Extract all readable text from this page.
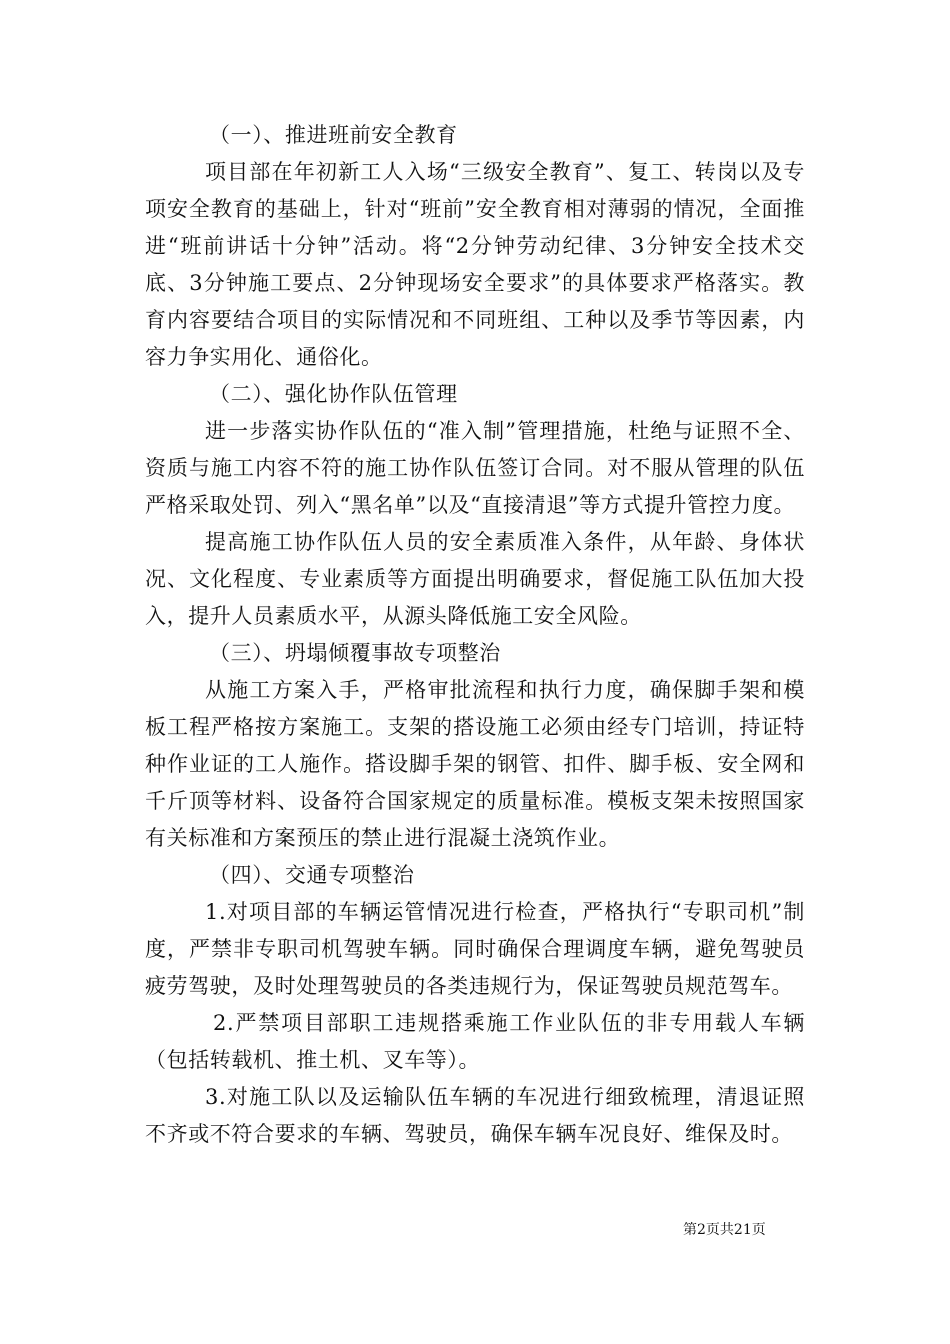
（一）、推进班前安全教育

项目部在年初新工人入场“三级安全教育”、复工、转岗以及专项安全教育的基础上，针对“班前”安全教育相对薄弱的情况，全面推进“班前讲话十分钟”活动。将“2分钟劳动纪律、3分钟安全技术交底、3分钟施工要点、2分钟现场安全要求”的具体要求严格落实。教育内容要结合项目的实际情况和不同班组、工种以及季节等因素，内容力争实用化、通俗化。

（二）、强化协作队伍管理

进一步落实协作队伍的“准入制”管理措施，杜绝与证照不全、资质与施工内容不符的施工协作队伍签订合同。对不服从管理的队伍严格采取处罚、列入“黑名单”以及“直接清退”等方式提升管控力度。

提高施工协作队伍人员的安全素质准入条件，从年龄、身体状况、文化程度、专业素质等方面提出明确要求，督促施工队伍加大投入，提升人员素质水平，从源头降低施工安全风险。

（三）、坍塌倾覆事故专项整治

从施工方案入手，严格审批流程和执行力度，确保脚手架和模板工程严格按方案施工。支架的搭设施工必须由经专门培训，持证特种作业证的工人施作。搭设脚手架的钢管、扣件、脚手板、安全网和千斤顶等材料、设备符合国家规定的质量标准。模板支架未按照国家有关标准和方案预压的禁止进行混凝土浇筑作业。

（四）、交通专项整治

1.对项目部的车辆运管情况进行检查，严格执行“专职司机”制度，严禁非专职司机驾驶车辆。同时确保合理调度车辆，避免驾驶员疲劳驾驶，及时处理驾驶员的各类违规行为，保证驾驶员规范驾车。

2.严禁项目部职工违规搭乘施工作业队伍的非专用载人车辆（包括转载机、推土机、叉车等）。

3.对施工队以及运输队伍车辆的车况进行细致梳理，清退证照不齐或不符合要求的车辆、驾驶员，确保车辆车况良好、维保及时。

第2页共21页
